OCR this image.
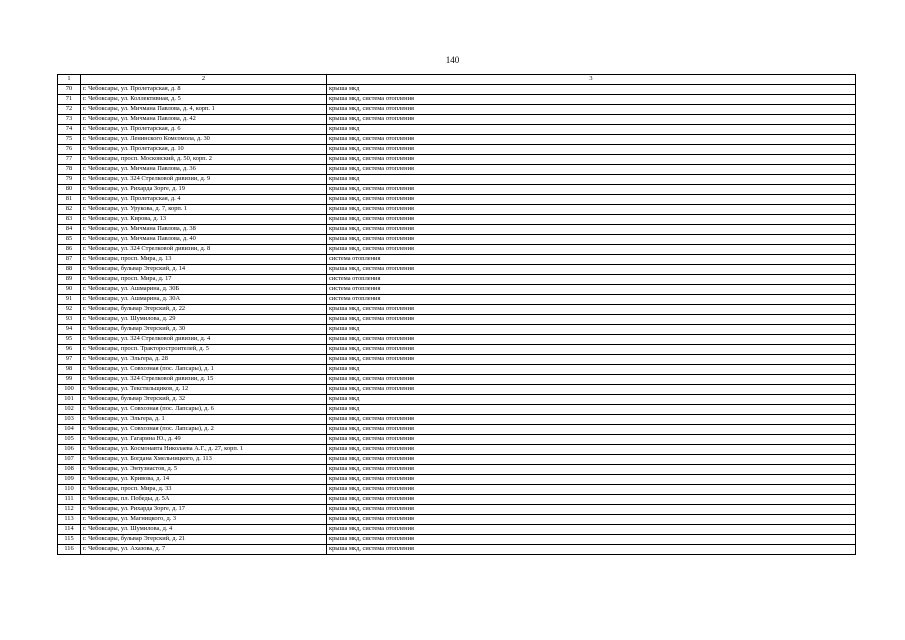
140
1	2	3
70	г. Чебоксары, ул. Пролетарская, д. 8	крыша мкд
71	г. Чебоксары, ул. Коллективная, д. 5	крыша мкд, система отопления
72	г. Чебоксары, ул. Мичмана Павлова, д. 4, корп. 1	крыша мкд, система отопления
73	г. Чебоксары, ул. Мичмана Павлова, д. 42	крыша мкд, система отопления
74	г. Чебоксары, ул. Пролетарская, д. 6	крыша мкд
75	г. Чебоксары, ул. Ленинского Комсомола, д. 30	крыша мкд, система отопления
76	г. Чебоксары, ул. Пролетарская, д. 10	крыша мкд, система отопления
77	г. Чебоксары, просп. Московский, д. 50, корп. 2	крыша мкд, система отопления
78	г. Чебоксары, ул. Мичмана Павлова, д. 36	крыша мкд, система отопления
79	г. Чебоксары, ул. 324 Стрелковой дивизии, д. 9	крыша мкд
80	г. Чебоксары, ул. Рихарда Зорге, д. 19	крыша мкд, система отопления
81	г. Чебоксары, ул. Пролетарская, д. 4	крыша мкд, система отопления
82	г. Чебоксары, ул. Урукова, д. 7, корп. 1	крыша мкд, система отопления
83	г. Чебоксары, ул. Кирова, д. 13	крыша мкд, система отопления
84	г. Чебоксары, ул. Мичмана Павлова, д. 38	крыша мкд, система отопления
85	г. Чебоксары, ул. Мичмана Павлова, д. 40	крыша мкд, система отопления
86	г. Чебоксары, ул. 324 Стрелковой дивизии, д. 8	крыша мкд, система отопления
87	г. Чебоксары, просп. Мира, д. 13	система отопления
88	г. Чебоксары, бульвар Эгерский, д. 14	крыша мкд, система отопления
89	г. Чебоксары, просп. Мира, д. 17	система отопления
90	г. Чебоксары, ул. Ашмарина, д. 30Б	система отопления
91	г. Чебоксары, ул. Ашмарина, д. 30А	система отопления
92	г. Чебоксары, бульвар Эгерский, д. 22	крыша мкд, система отопления
93	г. Чебоксары, ул. Шумилова, д. 29	крыша мкд, система отопления
94	г. Чебоксары, бульвар Эгерский, д. 30	крыша мкд
95	г. Чебоксары, ул. 324 Стрелковой дивизии, д. 4	крыша мкд, система отопления
96	г. Чебоксары, просп. Тракторостроителей, д. 5	крыша мкд, система отопления
97	г. Чебоксары, ул. Эльгера, д. 28	крыша мкд, система отопления
98	г. Чебоксары, ул. Совхозная (пос. Лапсары), д. 1	крыша мкд
99	г. Чебоксары, ул. 324 Стрелковой дивизии, д. 15	крыша мкд, система отопления
100	г. Чебоксары, ул. Текстильщиков, д. 12	крыша мкд, система отопления
101	г. Чебоксары, бульвар Эгерский, д. 32	крыша мкд
102	г. Чебоксары, ул. Совхозная (пос. Лапсары), д. 6	крыша мкд
103	г. Чебоксары, ул. Эльгера, д. 1	крыша мкд, система отопления
104	г. Чебоксары, ул. Совхозная (пос. Лапсары), д. 2	крыша мкд, система отопления
105	г. Чебоксары, ул. Гагарина Ю., д. 49	крыша мкд, система отопления
106	г. Чебоксары, ул. Космонавта Николаева А.Г., д. 27, корп. 1	крыша мкд, система отопления
107	г. Чебоксары, ул. Богдана Хмельницкого, д. 113	крыша мкд, система отопления
108	г. Чебоксары, ул. Энтузиастов, д. 5	крыша мкд, система отопления
109	г. Чебоксары, ул. Кривова, д. 14	крыша мкд, система отопления
110	г. Чебоксары, просп. Мира, д. 33	крыша мкд, система отопления
111	г. Чебоксары, пл. Победы, д. 5А	крыша мкд, система отопления
112	г. Чебоксары, ул. Рихарда Зорге, д. 17	крыша мкд, система отопления
113	г. Чебоксары, ул. Магницкого, д. 3	крыша мкд, система отопления
114	г. Чебоксары, ул. Шумилова, д. 4	крыша мкд, система отопления
115	г. Чебоксары, бульвар Эгерский, д. 21	крыша мкд, система отопления
116	г. Чебоксары, ул. Ахазова, д. 7	крыша мкд, система отопления
